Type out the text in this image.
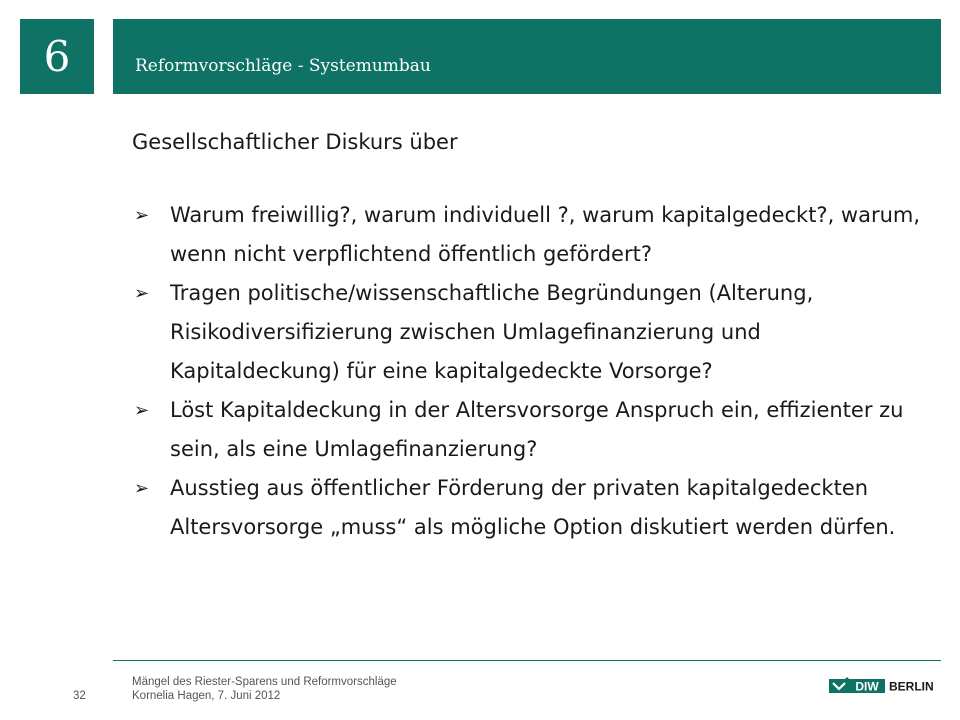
6	Reformvorschläge - Systemumbau

Gesellschaftlicher Diskurs über

➢ Warum freiwillig?, warum individuell ?, warum kapitalgedeckt?, warum, wenn nicht verpflichtend öffentlich gefördert?
➢ Tragen politische/wissenschaftliche Begründungen (Alterung, Risikodiversifizierung zwischen Umlagefinanzierung und Kapitaldeckung) für eine kapitalgedeckte Vorsorge?
➢ Löst Kapitaldeckung in der Altersvorsorge Anspruch ein, effizienter zu sein, als eine Umlagefinanzierung?
➢ Ausstieg aus öffentlicher Förderung der privaten kapitalgedeckten Altersvorsorge „muss“ als mögliche Option diskutiert werden dürfen.
Mängel des Riester-Sparens und Reformvorschläge
Kornelia Hagen, 7. Juni 2012
32
DIW BERLIN
